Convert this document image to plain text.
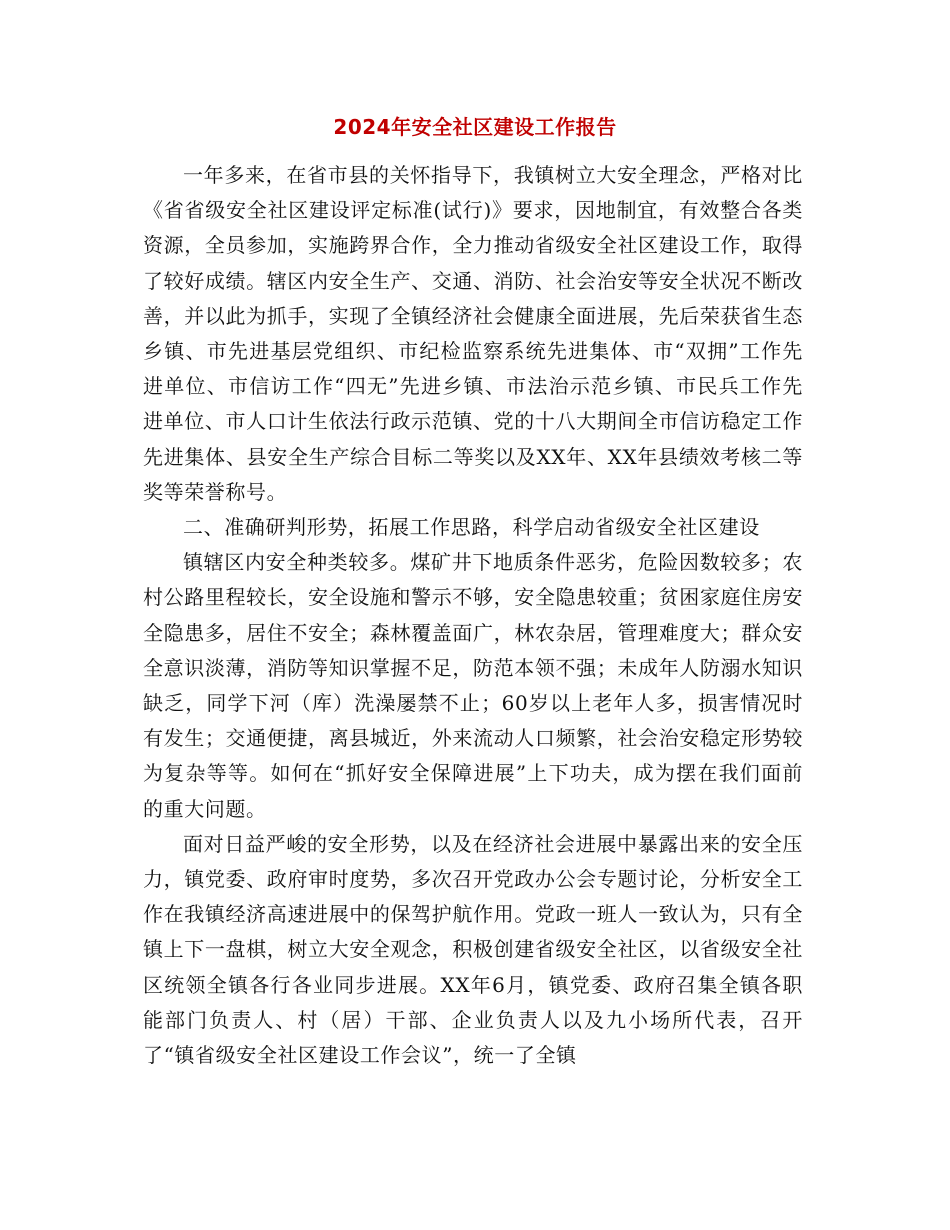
2024年安全社区建设工作报告

一年多来，在省市县的关怀指导下，我镇树立大安全理念，严格对比《省省级安全社区建设评定标准(试行)》要求，因地制宜，有效整合各类资源，全员参加，实施跨界合作，全力推动省级安全社区建设工作，取得了较好成绩。辖区内安全生产、交通、消防、社会治安等安全状况不断改善，并以此为抓手，实现了全镇经济社会健康全面进展，先后荣获省生态乡镇、市先进基层党组织、市纪检监察系统先进集体、市“双拥”工作先进单位、市信访工作“四无”先进乡镇、市法治示范乡镇、市民兵工作先进单位、市人口计生依法行政示范镇、党的十八大期间全市信访稳定工作先进集体、县安全生产综合目标二等奖以及XX年、XX年县绩效考核二等奖等荣誉称号。

二、准确研判形势，拓展工作思路，科学启动省级安全社区建设

镇辖区内安全种类较多。煤矿井下地质条件恶劣，危险因数较多；农村公路里程较长，安全设施和警示不够，安全隐患较重；贫困家庭住房安全隐患多，居住不安全；森林覆盖面广，林农杂居，管理难度大；群众安全意识淡薄，消防等知识掌握不足，防范本领不强；未成年人防溺水知识缺乏，同学下河（库）洗澡屡禁不止；60岁以上老年人多，损害情况时有发生；交通便捷，离县城近，外来流动人口频繁，社会治安稳定形势较为复杂等等。如何在“抓好安全保障进展”上下功夫，成为摆在我们面前的重大问题。

面对日益严峻的安全形势，以及在经济社会进展中暴露出来的安全压力，镇党委、政府审时度势，多次召开党政办公会专题讨论，分析安全工作在我镇经济高速进展中的保驾护航作用。党政一班人一致认为，只有全镇上下一盘棋，树立大安全观念，积极创建省级安全社区，以省级安全社区统领全镇各行各业同步进展。XX年6月，镇党委、政府召集全镇各职能部门负责人、村（居）干部、企业负责人以及九小场所代表，召开了“镇省级安全社区建设工作会议”，统一了全镇
